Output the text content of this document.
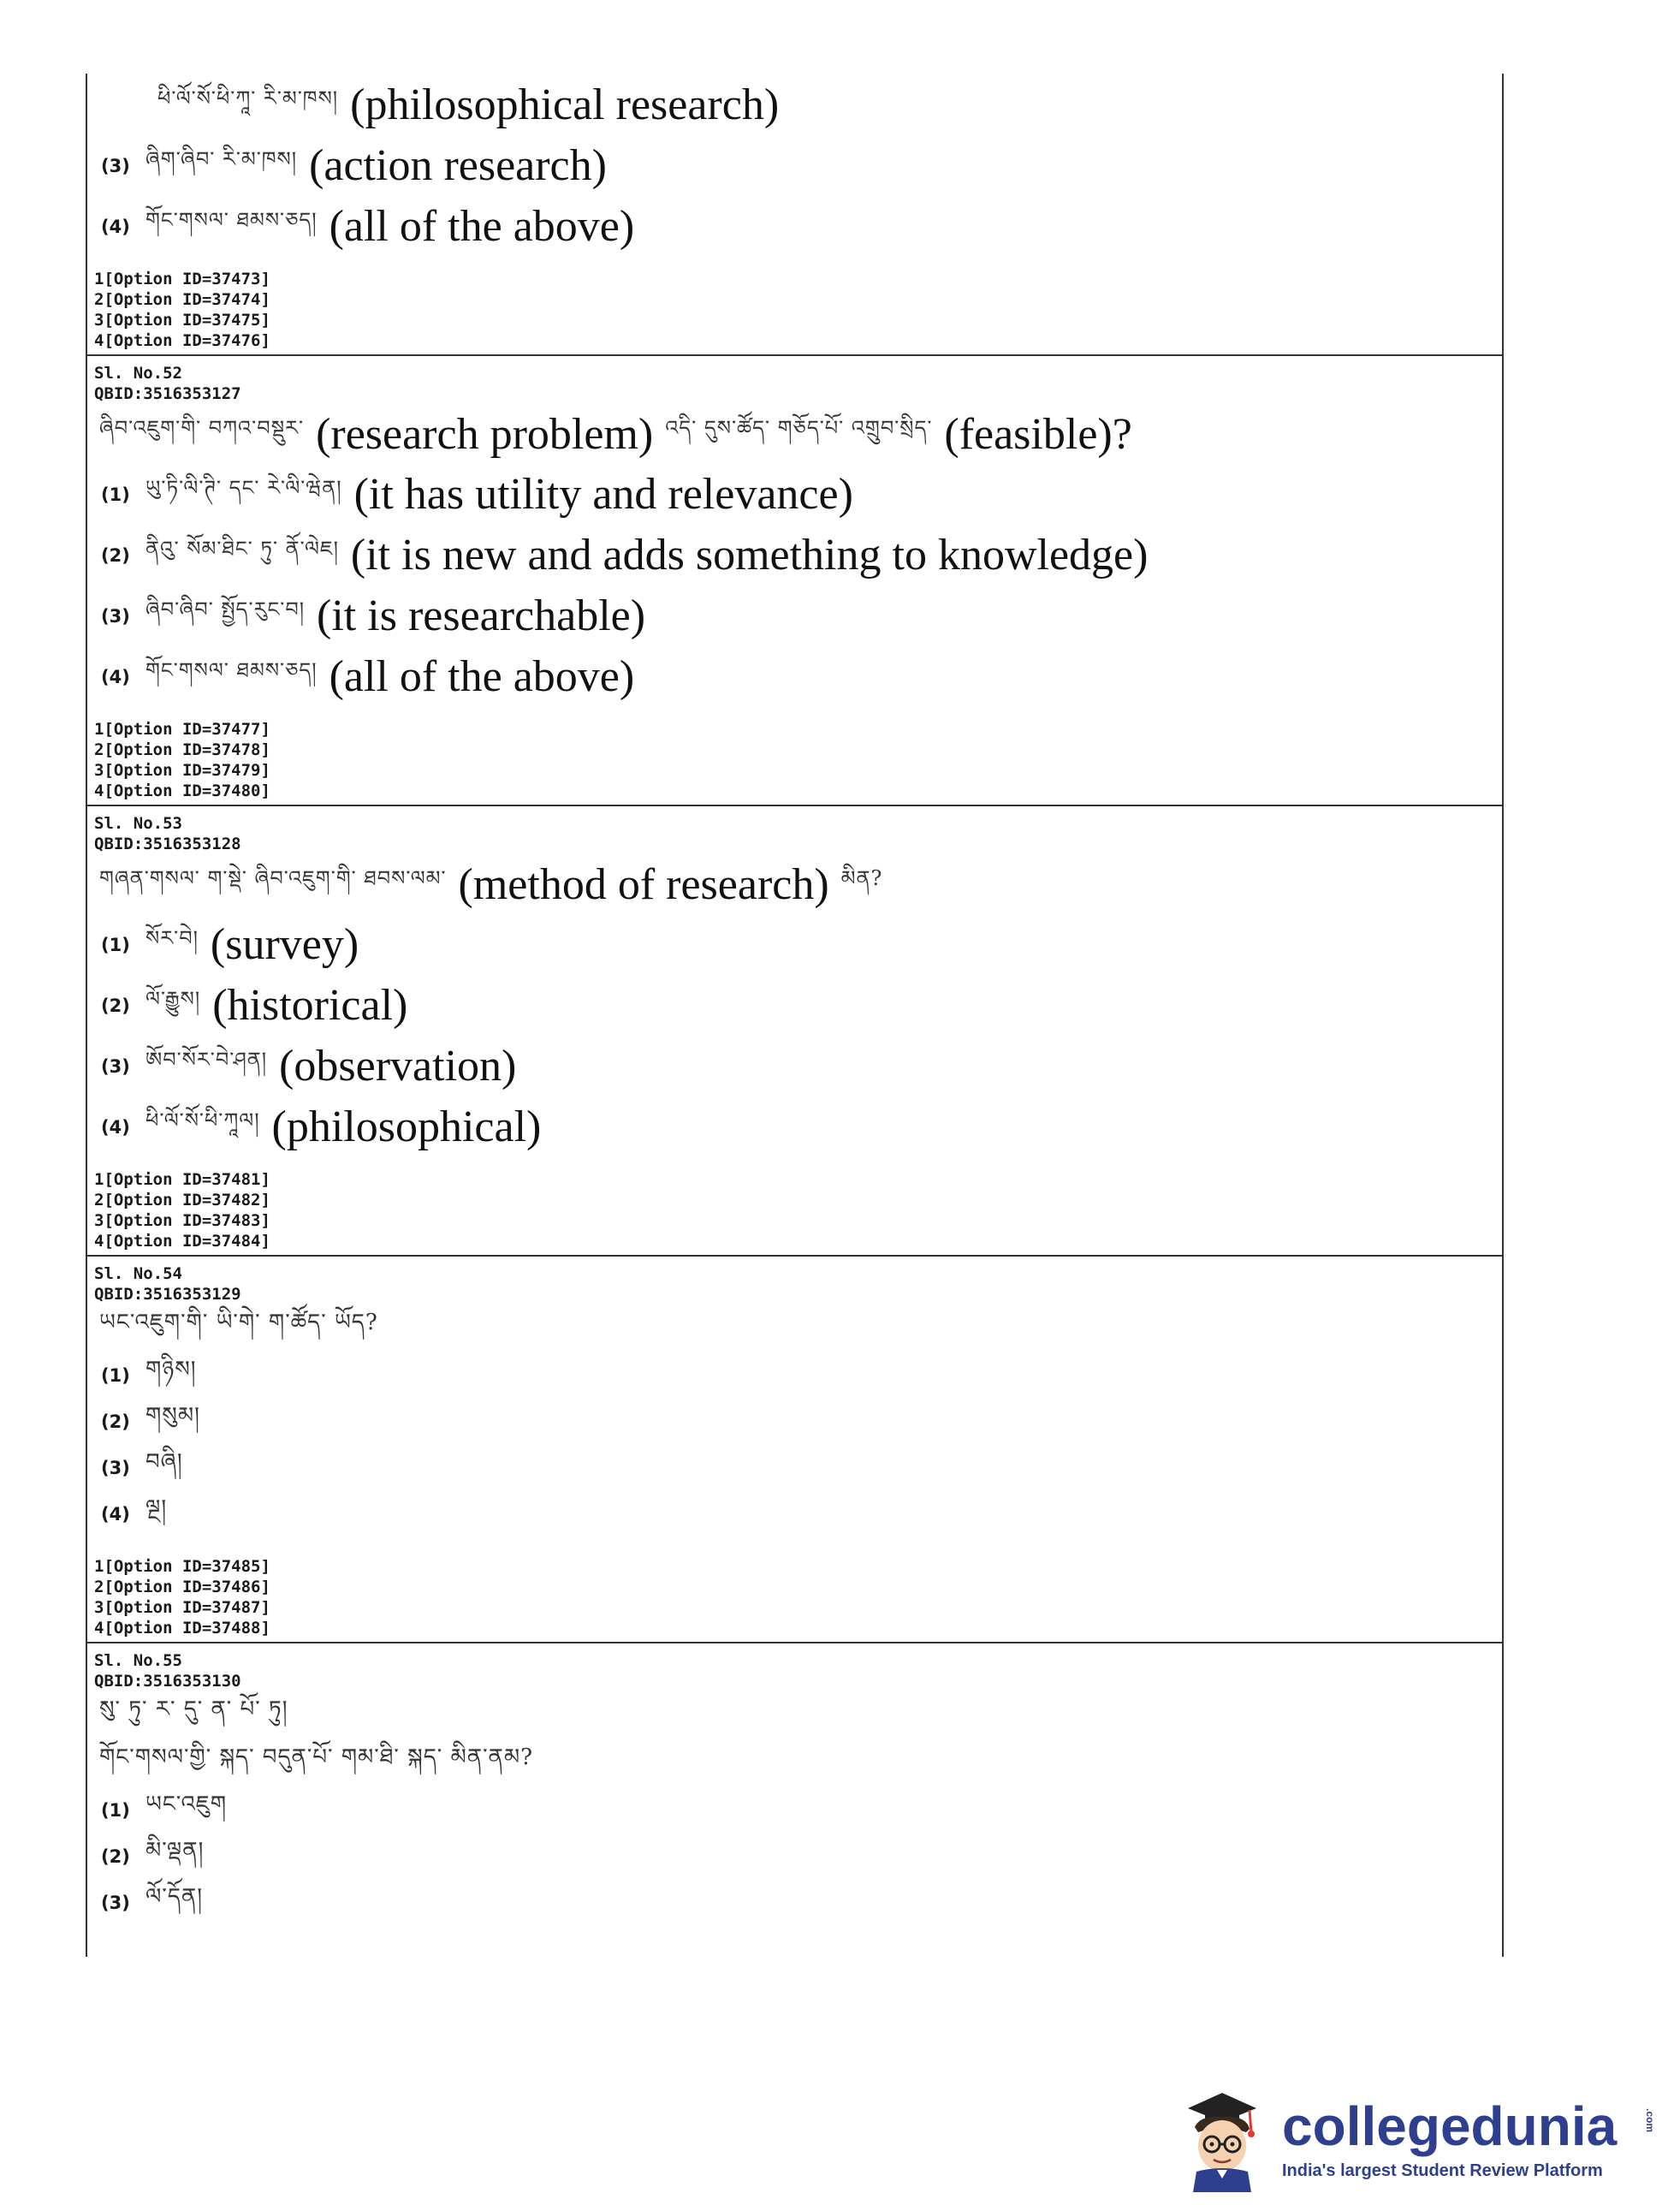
ཕི་ལོ་སོ་ཕི་ཀཱ་ རི་མ་ཁས། (philosophical research)
(3) ཞིག་ཞིབ་ རི་མ་ཁས། (action research)
(4) གོང་གསལ་ ཐམས་ཅད། (all of the above)
1[Option ID=37473]
2[Option ID=37474]
3[Option ID=37475]
4[Option ID=37476]
Sl. No.52
QBID:3516353127
ཞིབ་འཇུག་གི་ བཀའ་བསྡུར་ (research problem) འདི་ དུས་ཚོད་ གཅོད་པོ་ འགྲུབ་སྲིད་ (feasible)?
(1) ཡུ་ཏི་ལི་ཊི་ དང་ རེ་ལི་ཝེན། (it has utility and relevance)
(2) ནིའུ་ སོམ་ཐིང་ ཏུ་ ནོ་ལེཇ། (it is new and adds something to knowledge)
(3) ཞིབ་ཞིབ་ སྤྱོད་རུང་བ། (it is researchable)
(4) གོང་གསལ་ ཐམས་ཅད། (all of the above)
1[Option ID=37477]
2[Option ID=37478]
3[Option ID=37479]
4[Option ID=37480]
Sl. No.53
QBID:3516353128
གཞན་གསལ་ ག་སྡེ་ ཞིབ་འཇུག་གི་ ཐབས་ལམ་ (method of research) མིན?
(1) སོར་བེ། (survey)
(2) ལོ་རྒྱུས། (historical)
(3) ཨོབ་སོར་བེ་ཤན། (observation)
(4) ཕི་ལོ་སོ་ཕི་ཀཱལ། (philosophical)
1[Option ID=37481]
2[Option ID=37482]
3[Option ID=37483]
4[Option ID=37484]
Sl. No.54
QBID:3516353129
ཡང་འཇུག་གི་ ཡི་གེ་ ག་ཚོད་ ཡོད?
(1) གཉིས།
(2) གསུམ།
(3) བཞི།
(4) ལྔ།
1[Option ID=37485]
2[Option ID=37486]
3[Option ID=37487]
4[Option ID=37488]
Sl. No.55
QBID:3516353130
སུ་ ཏུ་ ར་ དུ་ ན་ པོ་ ཏུ།
གོང་གསལ་གྱི་ སྐད་ བདུན་པོ་ གམ་ཐི་ སྐད་ མིན་ནམ?
(1) ཡང་འཇུག
(2) མི་ལྡན།
(3) ལོ་དོན།
collegedunia	.com
India's largest Student Review Platform
